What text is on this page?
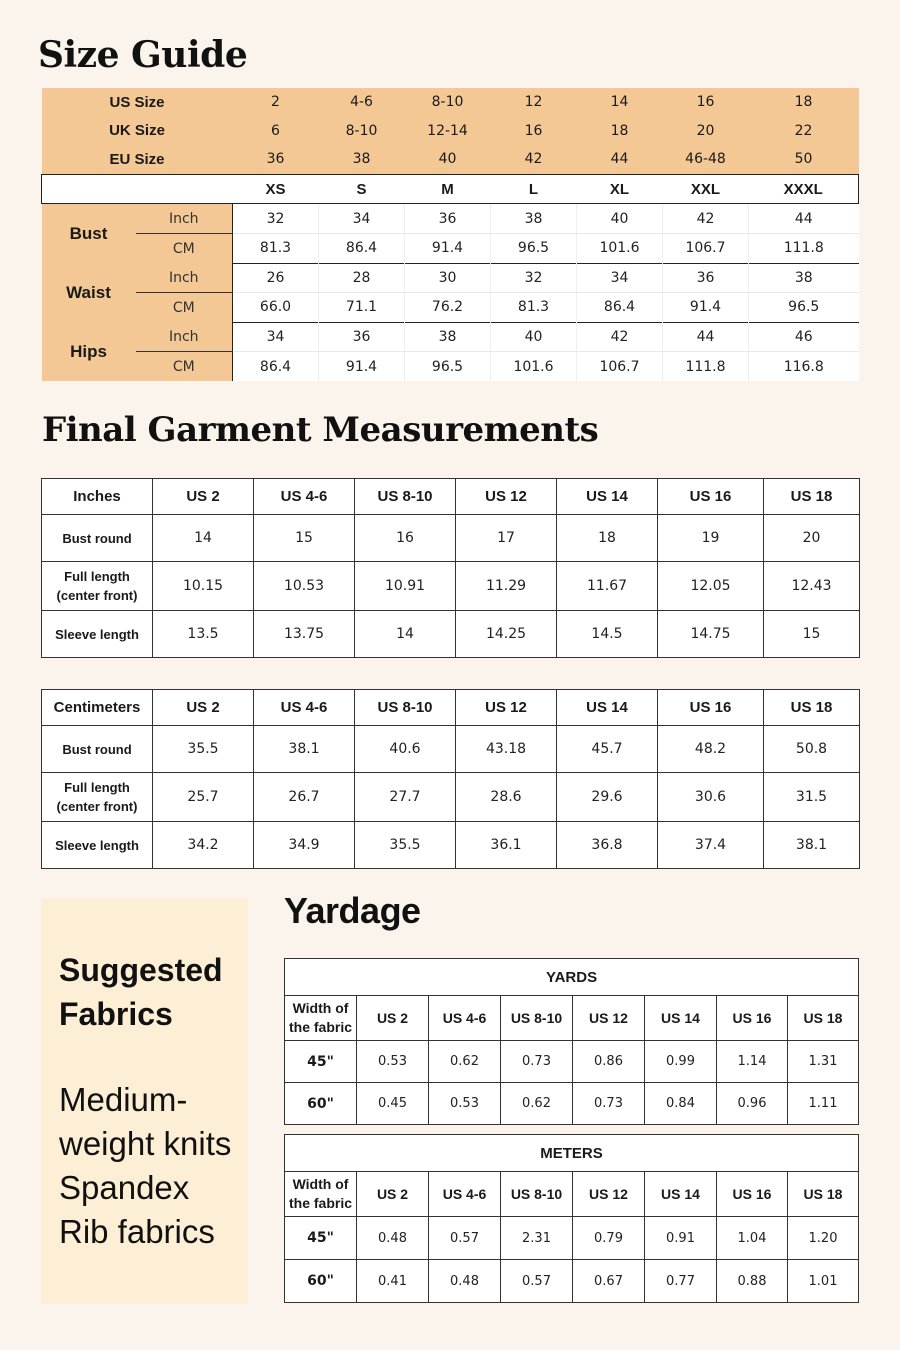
Size Guide
US Size		2	4-6	8-10	12	14	16	18
UK Size		6	8-10	12-14	16	18	20	22
EU Size		36	38	40	42	44	46-48	50
		XS	S	M	L	XL	XXL	XXXL
Bust	Inch	32	34	36	38	40	42	44
	CM	81.3	86.4	91.4	96.5	101.6	106.7	111.8
Waist	Inch	26	28	30	32	34	36	38
	CM	66.0	71.1	76.2	81.3	86.4	91.4	96.5
Hips	Inch	34	36	38	40	42	44	46
	CM	86.4	91.4	96.5	101.6	106.7	111.8	116.8
Final Garment Measurements
Inches	US 2	US 4-6	US 8-10	US 12	US 14	US 16	US 18
Bust round	14	15	16	17	18	19	20

Full length
(center front)	10.15	10.53	10.91	11.29	11.67	12.05	12.43
Sleeve length	13.5	13.75	14	14.25	14.5	14.75	15
Centimeters	US 2	US 4-6	US 8-10	US 12	US 14	US 16	US 18
Bust round	35.5	38.1	40.6	43.18	45.7	48.2	50.8

Full length
(center front)	25.7	26.7	27.7	28.6	29.6	30.6	31.5
Sleeve length	34.2	34.9	35.5	36.1	36.8	37.4	38.1
Suggested
Fabrics
Medium-
weight knits
Spandex
Rib fabrics
Yardage
YARDS							

Width of
the fabric	US 2	US 4-6	US 8-10	US 12	US 14	US 16	US 18
45"	0.53	0.62	0.73	0.86	0.99	1.14	1.31
60"	0.45	0.53	0.62	0.73	0.84	0.96	1.11
METERS							

Width of
the fabric	US 2	US 4-6	US 8-10	US 12	US 14	US 16	US 18
45"	0.48	0.57	2.31	0.79	0.91	1.04	1.20
60"	0.41	0.48	0.57	0.67	0.77	0.88	1.01
